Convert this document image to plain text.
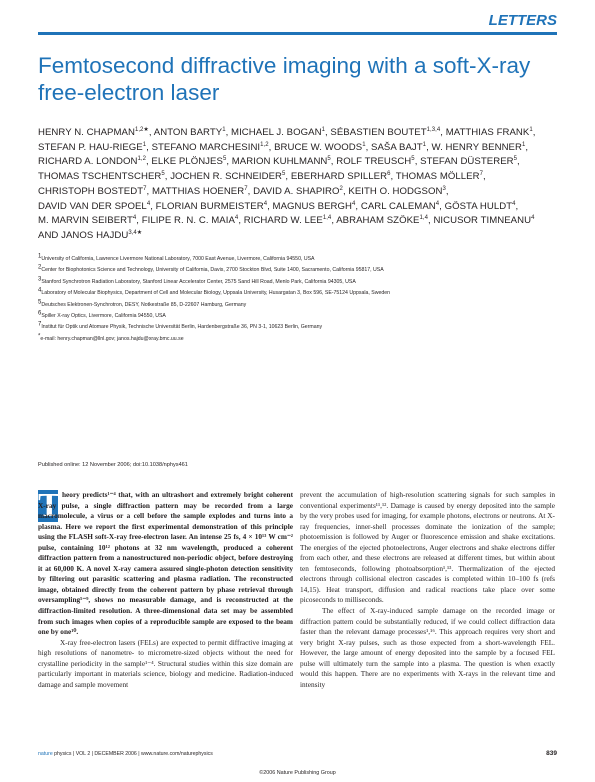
LETTERS
Femtosecond diffractive imaging with a soft-X-ray free-electron laser
HENRY N. $CHAPMAN^{1,2★}$, ANTON BARTY$^1$, MICHAEL J. BOGAN$^1$, SÉBASTIEN BOUTET$^{1,3,4}$, MATTHIAS FRANK$^1$, STEFAN P. HAU-RIEGE$^1$, STEFANO MARCHESINI$^{1,2}$, BRUCE W. WOODS$^1$, SAŠA BAJT$^1$, W. HENRY BENNER$^1$, RICHARD A. LONDON$^{1,2}$, ELKE PLÖNJES$^5$, MARION KUHLMANN$^5$, ROLF TREUSCH$^5$, STEFAN DÜSTERER$^5$, THOMAS TSCHENTSCHER$^5$, JOCHEN R. SCHNEIDER$^5$, EBERHARD SPILLER$^6$, THOMAS MÖLLER$^7$, CHRISTOPH BOSTEDT$^7$, MATTHIAS HOENER$^7$, DAVID A. SHAPIRO$^2$, KEITH O. HODGSON$^3$, DAVID VAN DER SPOEL$^4$, FLORIAN BURMEISTER$^4$, MAGNUS BERGH$^4$, CARL CALEMAN$^4$, GÖSTA HULDT$^4$, M. MARVIN SEIBERT$^4$, FILIPE R. N. C. MAIA$^4$, RICHARD W. LEE$^{1,4}$, ABRAHAM SZÖKE$^{1,4}$, NICUSOR TIMNEANU$^4$ AND JANOS $HAJDU^{3,4★}$
$^1$University of California, Lawrence Livermore National Laboratory, 7000 East Avenue, Livermore, California 94550, USA
$^2$Center for Biophotonics Science and Technology, University of California, Davis, 2700 Stockton Blvd, Suite 1400, Sacramento, California 95817, USA
$^3$Stanford Synchrotron Radiation Laboratory, Stanford Linear Accelerator Center, 2575 Sand Hill Road, Menlo Park, California 94305, USA
$^4$Laboratory of Molecular Biophysics, Department of Cell and Molecular Biology, Uppsala University, Husargatan 3, Box 596, SE-75124 Uppsala, Sweden
$^5$Deutsches Elektronen-Synchrotron, DESY, Notkestraße 85, D-22607 Hamburg, Germany
$^6$Spiller X-ray Optics, Livermore, California 94550, USA
$^7$Institut für Optik und Atomare Physik, Technische Universität Berlin, Hardenbergstraße 36, PN 3-1, 10623 Berlin, Germany
*e-mail: henry.chapman@llnl.gov; janos.hajdu@xray.bmc.uu.se
Published online: 12 November 2006; doi:10.1038/nphys461
T heory predicts¹⁻⁴ that, with an ultrashort and extremely bright coherent X-ray pulse, a single diffraction pattern may be recorded from a large macromolecule, a virus or a cell before the sample explodes and turns into a plasma. Here we report the first experimental demonstration of this principle using the FLASH soft-X-ray free-electron laser. An intense 25 fs, 4 × 10¹³ W cm⁻² pulse, containing 10¹² photons at 32 nm wavelength, produced a coherent diffraction pattern from a nanostructured non-periodic object, before destroying it at 60,000 K. A novel X-ray camera assured single-photon detection sensitivity by filtering out parasitic scattering and plasma radiation. The reconstructed image, obtained directly from the coherent pattern by phase retrieval through oversampling⁵⁻⁹, shows no measurable damage, and is reconstructed at the diffraction-limited resolution. A three-dimensional data set may be assembled from such images when copies of a reproducible sample are exposed to the beam one by one¹⁰.

X-ray free-electron lasers (FELs) are expected to permit diffractive imaging at high resolutions of nanometre- to micrometre-sized objects without the need for crystalline periodicity in the sample¹⁻⁴. Structural studies within this size domain are particularly important in materials science, biology and medicine. Radiation-induced damage and sample movement

prevent the accumulation of high-resolution scattering signals for such samples in conventional experiments¹¹,¹². Damage is caused by energy deposited into the sample by the very probes used for imaging, for example photons, electrons or neutrons. At X-ray frequencies, inner-shell processes dominate the ionization of the sample; photoemission is followed by Auger or fluorescence emission and shake excitations. The energies of the ejected photoelectrons, Auger electrons and shake electrons differ from each other, and these electrons are released at different times, but within about ten femtoseconds, following photoabsorption¹,¹³. Thermalization of the ejected electrons through collisional electron cascades is completed within 10–100 fs (refs 14,15). Heat transport, diffusion and radical reactions take place over some picoseconds to milliseconds.

The effect of X-ray-induced sample damage on the recorded image or diffraction pattern could be substantially reduced, if we could collect diffraction data faster than the relevant damage processes¹,¹⁶. This approach requires very short and very bright X-ray pulses, such as those expected from a short-wavelength FEL. However, the large amount of energy deposited into the sample by a focused FEL pulse will ultimately turn the sample into a plasma. The question is when exactly would this happen. There are no experiments with X-rays in the relevant time and intensity

nature physics | VOL 2 | DECEMBER 2006 | www.nature.com/naturephysics	839
©2006 Nature Publishing Group
